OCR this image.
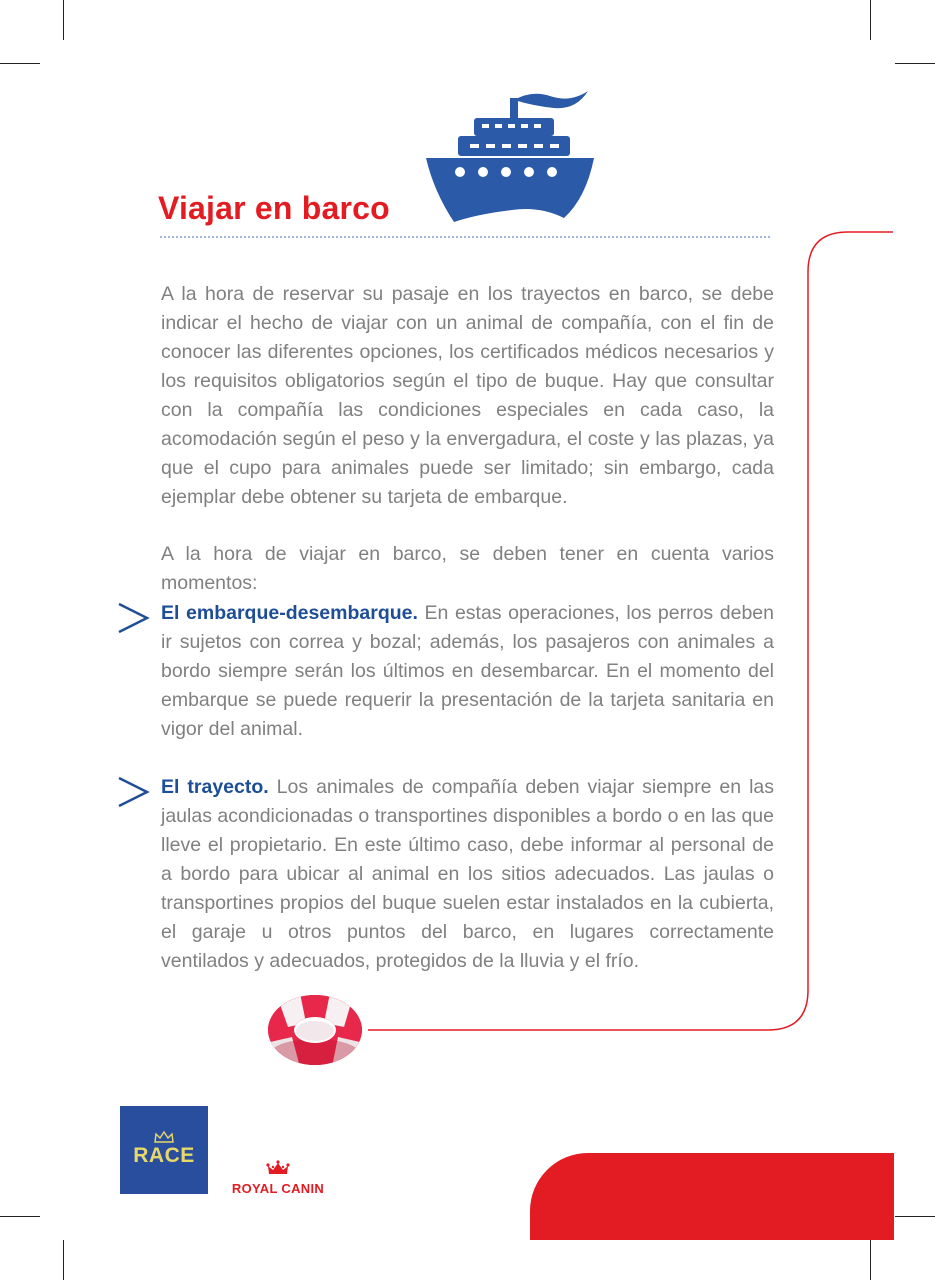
Viajar en barco

A la hora de reservar su pasaje en los trayectos en barco, se debe indicar el hecho de viajar con un animal de compañía, con el fin de conocer las diferentes opciones, los certificados médicos necesarios y los requisitos obligatorios según el tipo de buque. Hay que consultar con la compañía las condiciones especiales en cada caso, la acomodación según el peso y la envergadura, el coste y las plazas, ya que el cupo para animales puede ser limitado; sin embargo, cada ejemplar debe obtener su tarjeta de embarque.

A la hora de viajar en barco, se deben tener en cuenta varios momentos:

El embarque-desembarque. En estas operaciones, los perros deben ir sujetos con correa y bozal; además, los pasajeros con animales a bordo siempre serán los últimos en desembarcar. En el momento del embarque se puede requerir la presentación de la tarjeta sanitaria en vigor del animal.

El trayecto. Los animales de compañía deben viajar siempre en las jaulas acondicionadas o transportines disponibles a bordo o en las que lleve el propietario. En este último caso, debe informar al personal de a bordo para ubicar al animal en los sitios adecuados. Las jaulas o transportines propios del buque suelen estar instalados en la cubierta, el garaje u otros puntos del barco, en lugares correctamente ventilados y adecuados, protegidos de la lluvia y el frío.

RACE
ROYAL CANIN
